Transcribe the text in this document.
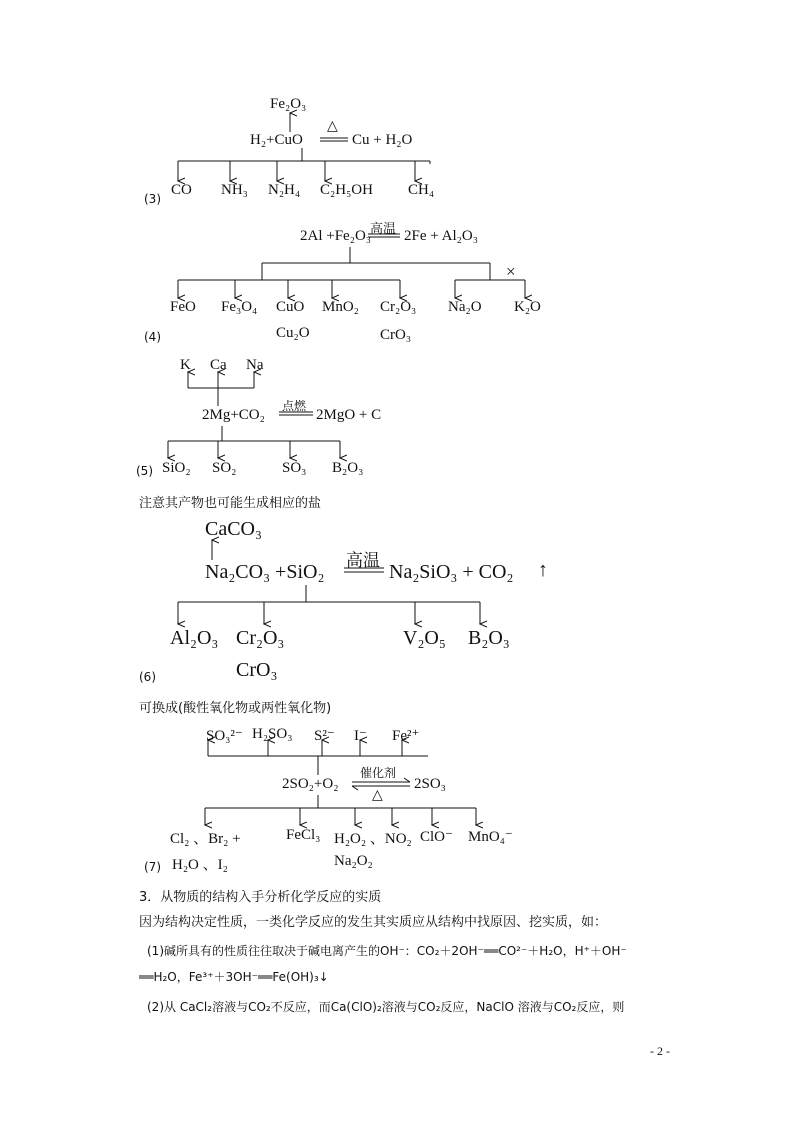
Fe₂O₃
H₂+CuO
△
Cu + H₂O
(3)
CO NH₃ N₂H₄ C₂H₅OH CH₄
2Al +Fe₂O₃
高温 2Fe + Al₂O₃
×
(4)
FeO Fe₃O₄ CuO MnO₂ Cr₂O₃ Na₂O K₂O
Cu₂O	CrO₃
K Ca Na
2Mg+CO₂
点燃
2MgO + C
(5) SiO₂ SO₂	SO₃ B₂O₃
注意其产物也可能生成相应的盐
CaCO₃
Na₂CO₃ +SiO₂ 高温 Na₂SiO₃ + CO₂ ↑
Al₂O₃ Cr₂O₃	V₂O₅ B₂O₃
CrO₃
(6)
可换成(酸性氧化物或两性氧化物)
SO₃²⁻ H₂SO₃ S²⁻ I⁻ Fe²⁺
2SO₂+O₂
催化剂
△
2SO₃
Cl₂ 、Br₂ +	FeCl₃ H₂O₂ 、NO₂ ClO⁻ MnO₄⁻
H₂O 、I₂	Na₂O₂
(7)
3．从物质的结构入手分析化学反应的实质
因为结构决定性质，一类化学反应的发生其实质应从结构中找原因、挖实质，如：
(1)碱所具有的性质往往取决于碱电离产生的OH⁻：CO₂＋2OH⁻══CO²⁻＋H₂O，H⁺＋OH⁻
══H₂O，Fe³⁺＋3OH⁻══Fe(OH)₃↓
(2)从 CaCl₂溶液与CO₂不反应，而Ca(ClO)₂溶液与CO₂反应，NaClO 溶液与CO₂反应，则
- 2 -
